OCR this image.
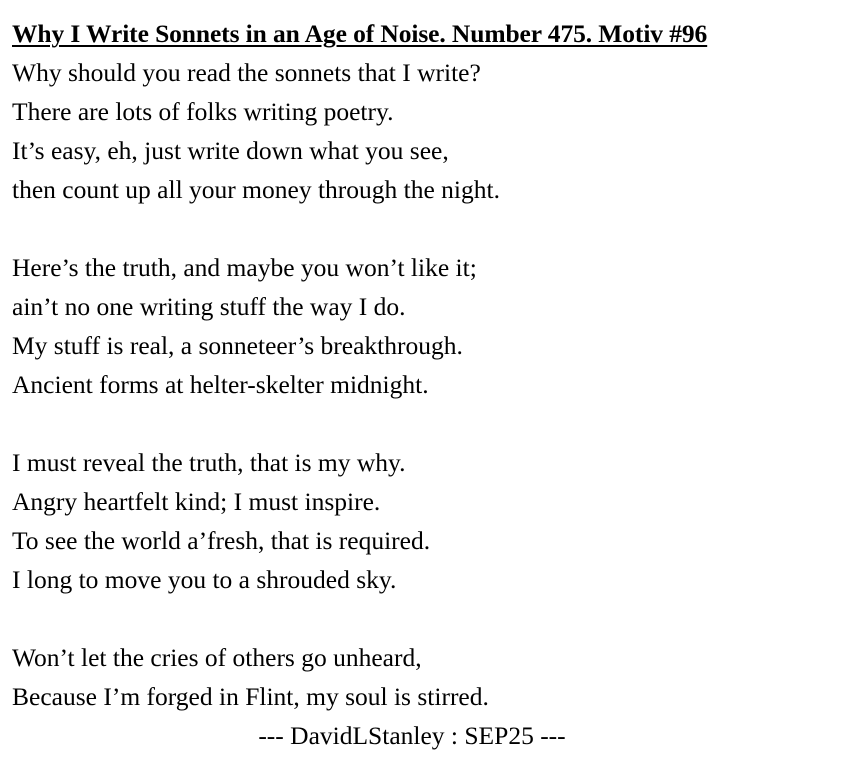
Why I Write Sonnets in an Age of Noise. Number 475. Motiv #96
Why should you read the sonnets that I write?
There are lots of folks writing poetry.
It’s easy, eh, just write down what you see,
then count up all your money through the night.
Here’s the truth, and maybe you won’t like it;
ain’t no one writing stuff the way I do.
My stuff is real, a sonneteer’s breakthrough.
Ancient forms at helter-skelter midnight.
I must reveal the truth, that is my why.
Angry heartfelt kind; I must inspire.
To see the world a’fresh, that is required.
I long to move you to a shrouded sky.
Won’t let the cries of others go unheard,
Because I’m forged in Flint, my soul is stirred.
--- DavidLStanley : SEP25 ---
